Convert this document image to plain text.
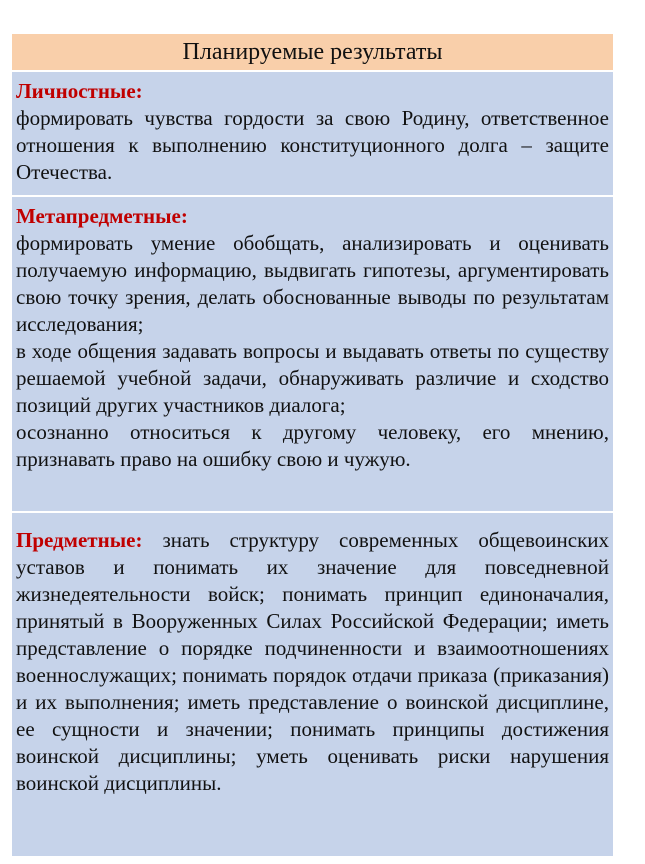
Планируемые результаты
Личностные:

формировать чувства гордости за свою Родину, ответственное отношения к выполнению конституционного долга – защите Отечества.

Метапредметные:

формировать умение обобщать, анализировать и оценивать получаемую информацию, выдвигать гипотезы, аргументировать свою точку зрения, делать обоснованные выводы по результатам исследования;

в ходе общения задавать вопросы и выдавать ответы по существу решаемой учебной задачи, обнаруживать различие и сходство позиций других участников диалога;

осознанно относиться к другому человеку, его мнению, признавать право на ошибку свою и чужую.

Предметные: знать структуру современных общевоинских уставов и понимать их значение для повседневной жизнедеятельности войск; понимать принцип единоначалия, принятый в Вооруженных Силах Российской Федерации; иметь представление о порядке подчиненности и взаимоотношениях военнослужащих; понимать порядок отдачи приказа (приказания) и их выполнения; иметь представление о воинской дисциплине, ее сущности и значении; понимать принципы достижения воинской дисциплины; уметь оценивать риски нарушения воинской дисциплины.
